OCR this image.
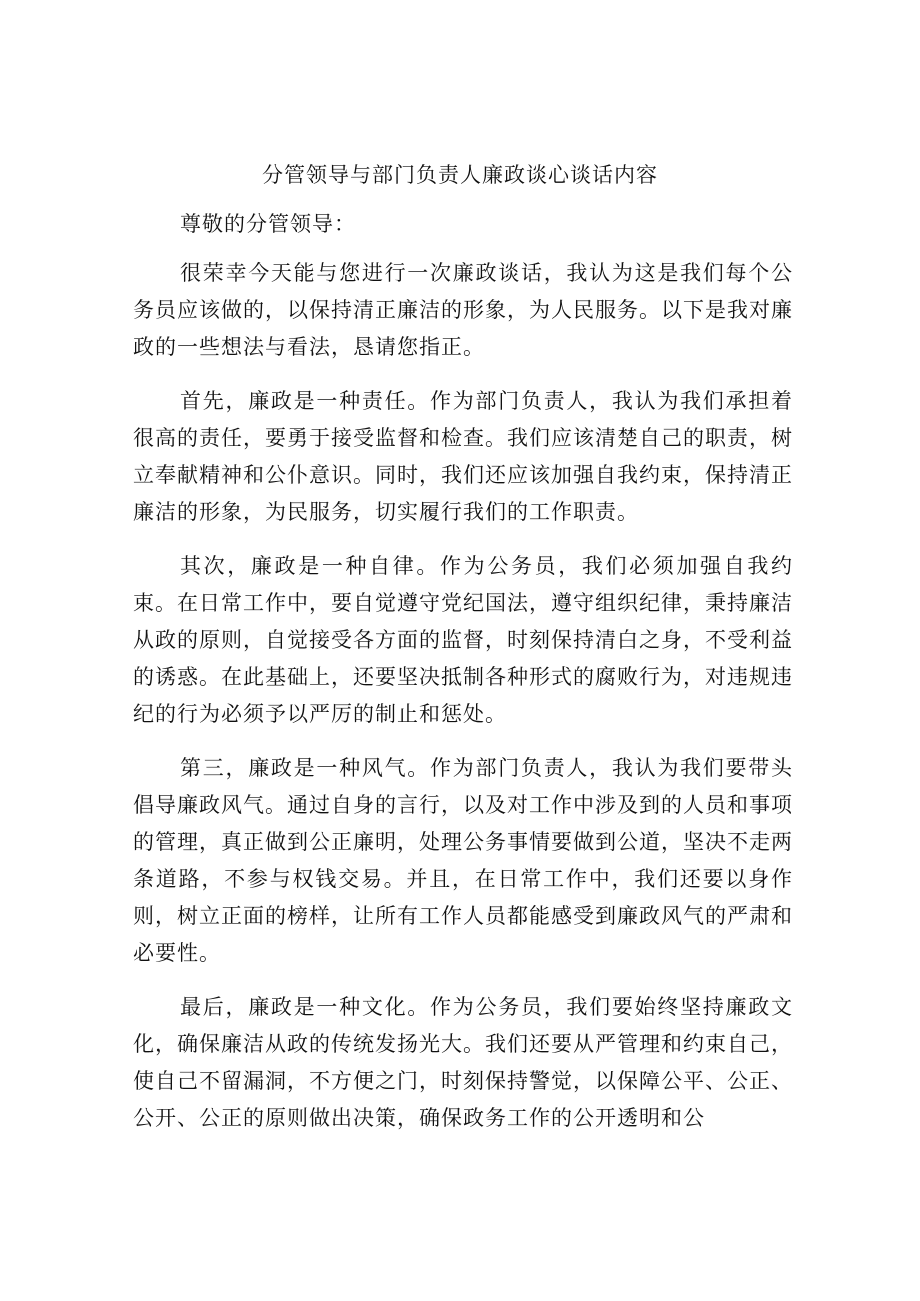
分管领导与部门负责人廉政谈心谈话内容

尊敬的分管领导：

很荣幸今天能与您进行一次廉政谈话，我认为这是我们每个公务员应该做的，以保持清正廉洁的形象，为人民服务。以下是我对廉政的一些想法与看法，恳请您指正。

首先，廉政是一种责任。作为部门负责人，我认为我们承担着很高的责任，要勇于接受监督和检查。我们应该清楚自己的职责，树立奉献精神和公仆意识。同时，我们还应该加强自我约束，保持清正廉洁的形象，为民服务，切实履行我们的工作职责。

其次，廉政是一种自律。作为公务员，我们必须加强自我约束。在日常工作中，要自觉遵守党纪国法，遵守组织纪律，秉持廉洁从政的原则，自觉接受各方面的监督，时刻保持清白之身，不受利益的诱惑。在此基础上，还要坚决抵制各种形式的腐败行为，对违规违纪的行为必须予以严厉的制止和惩处。

第三，廉政是一种风气。作为部门负责人，我认为我们要带头倡导廉政风气。通过自身的言行，以及对工作中涉及到的人员和事项的管理，真正做到公正廉明，处理公务事情要做到公道，坚决不走两条道路，不参与权钱交易。并且，在日常工作中，我们还要以身作则，树立正面的榜样，让所有工作人员都能感受到廉政风气的严肃和必要性。

最后，廉政是一种文化。作为公务员，我们要始终坚持廉政文化，确保廉洁从政的传统发扬光大。我们还要从严管理和约束自己，使自己不留漏洞，不方便之门，时刻保持警觉，以保障公平、公正、公开、公正的原则做出决策，确保政务工作的公开透明和公
